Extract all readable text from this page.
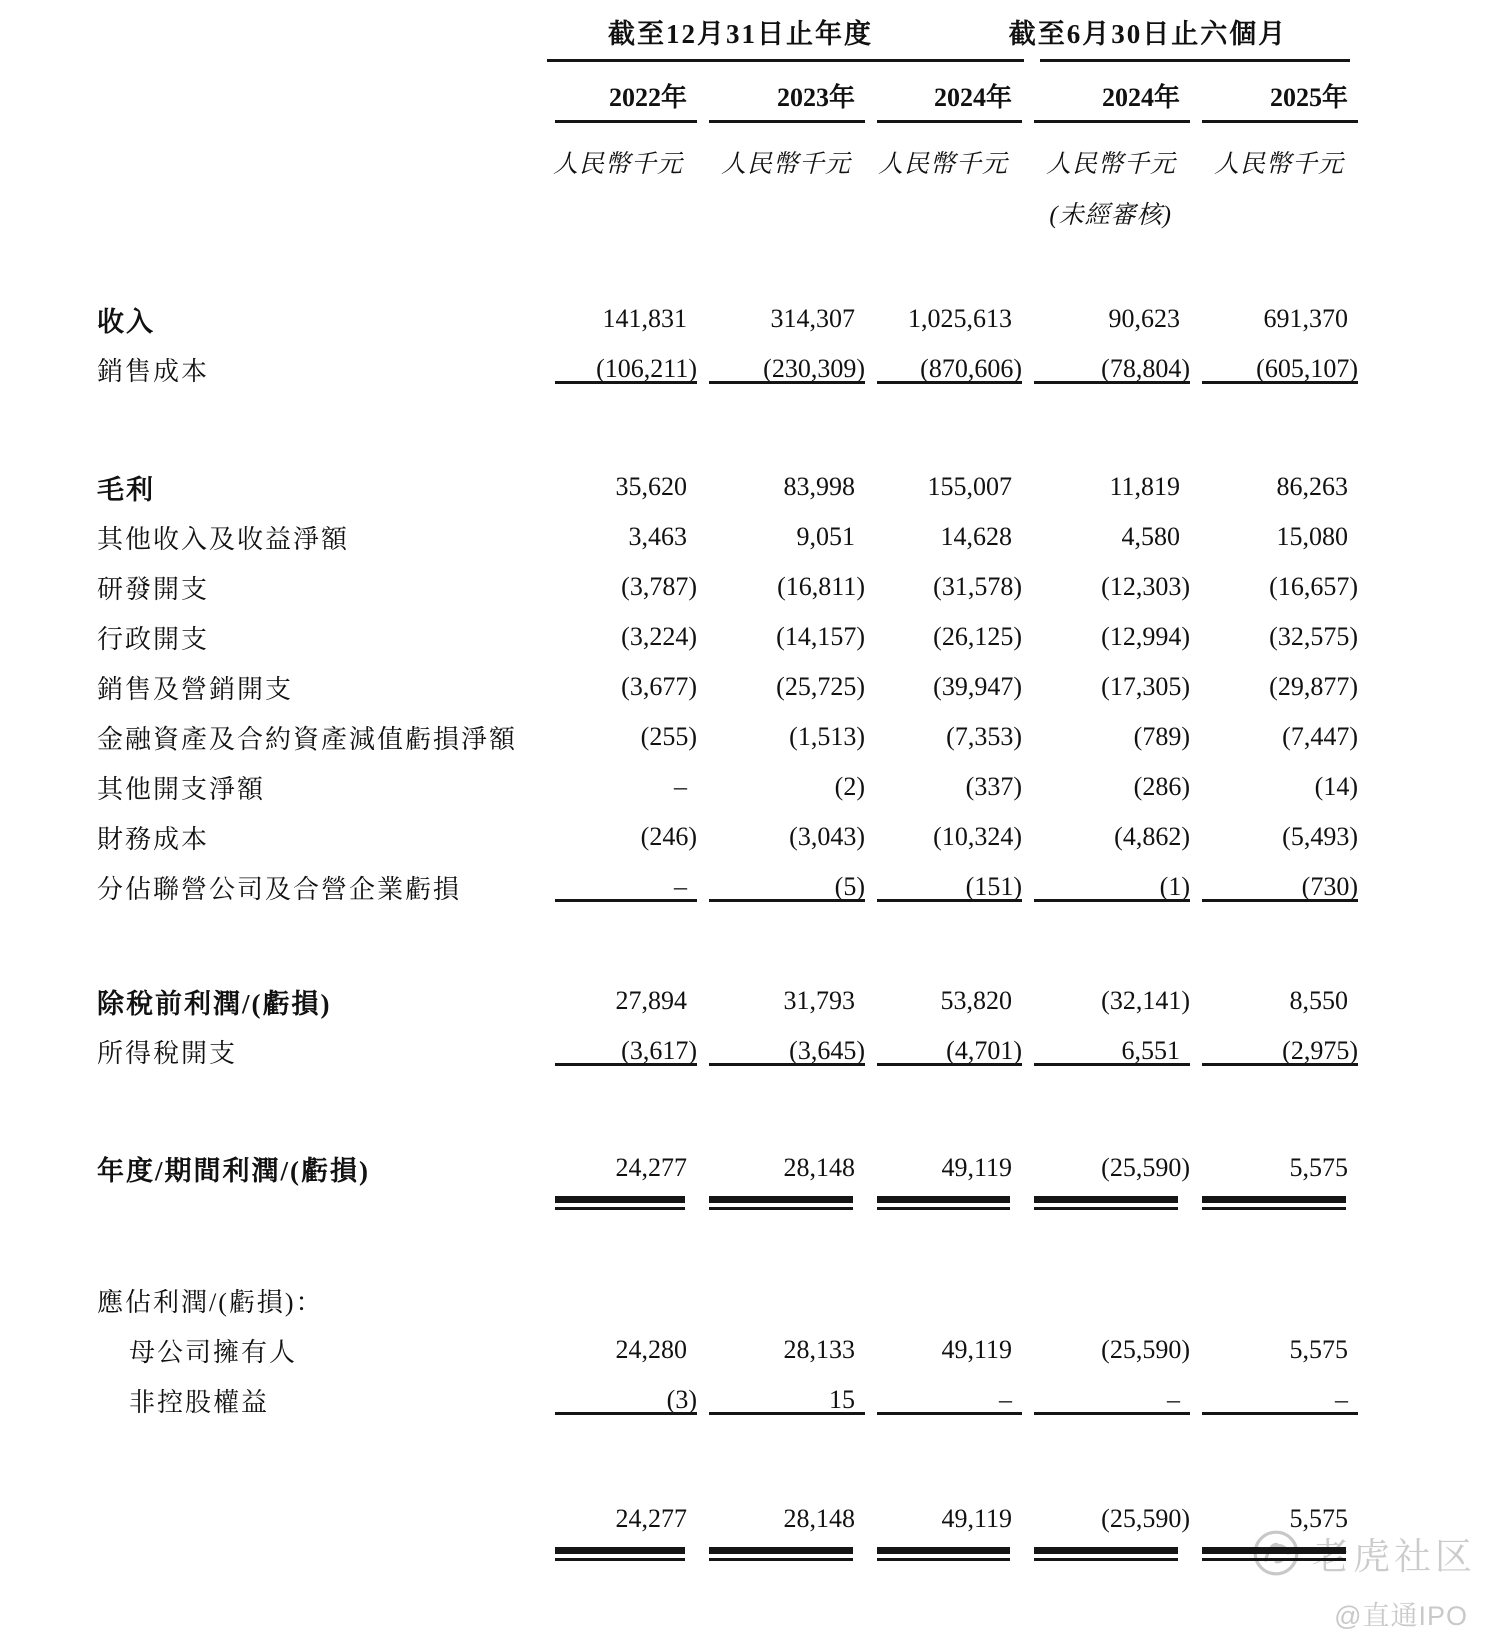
老虎社区
@直通IPO
截至12月31日止年度	截至6月30日止六個月
2022年	2023年	2024年	2024年	2025年
人民幣千元	人民幣千元	人民幣千元	人民幣千元	人民幣千元
(未經審核)
收入	141,831	314,307	1,025,613	90,623	691,370
銷售成本	(106,211)	(230,309)	(870,606)	(78,804)	(605,107)
毛利	35,620	83,998	155,007	11,819	86,263
其他收入及收益淨額	3,463	9,051	14,628	4,580	15,080
研發開支	(3,787)	(16,811)	(31,578)	(12,303)	(16,657)
行政開支	(3,224)	(14,157)	(26,125)	(12,994)	(32,575)
銷售及營銷開支	(3,677)	(25,725)	(39,947)	(17,305)	(29,877)
金融資產及合約資產減值虧損淨額	(255)	(1,513)	(7,353)	(789)	(7,447)
其他開支淨額	–	(2)	(337)	(286)	(14)
財務成本	(246)	(3,043)	(10,324)	(4,862)	(5,493)
分佔聯營公司及合營企業虧損	–	(5)	(151)	(1)	(730)
除稅前利潤/(虧損)	27,894	31,793	53,820	(32,141)	8,550
所得稅開支	(3,617)	(3,645)	(4,701)	6,551	(2,975)
年度/期間利潤/(虧損)	24,277	28,148	49,119	(25,590)	5,575
應佔利潤/(虧損)：
母公司擁有人	24,280	28,133	49,119	(25,590)	5,575
非控股權益	(3)	15	–	–	–
24,277	28,148	49,119	(25,590)	5,575
